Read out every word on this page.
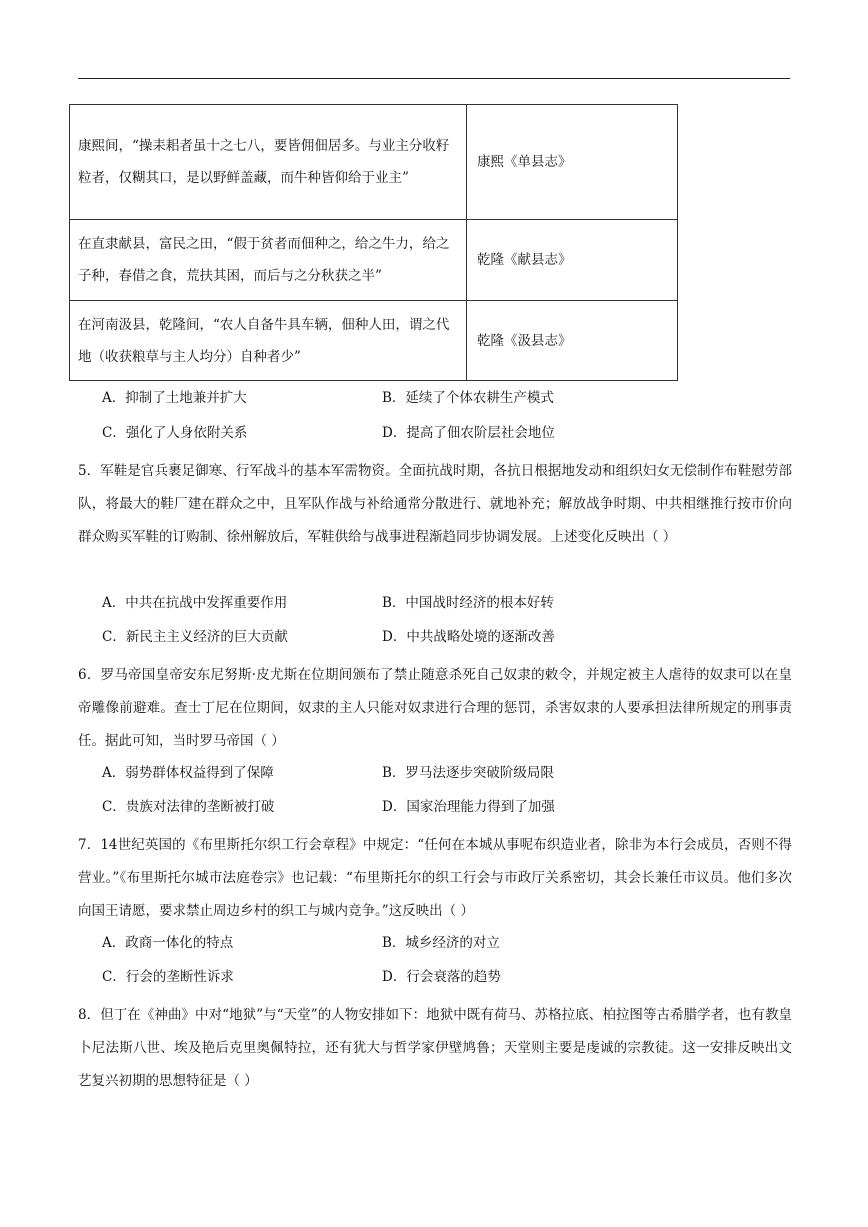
康熙间，“操耒耜者虽十之七八，要皆佣佃居多。与业主分收籽粒者，仅糊其口，是以野鲜盖藏，而牛种皆仰给于业主”	康熙《单县志》
在直隶献县，富民之田，“假于贫者而佃种之，给之牛力，给之子种，春借之食，荒扶其困，而后与之分秋获之半”	乾隆《献县志》
在河南汲县，乾隆间，“农人自备牛具车辆，佃种人田，谓之代地（收获粮草与主人均分）自种者少”	乾隆《汲县志》
A．抑制了土地兼并扩大	B．延续了个体农耕生产模式
C．强化了人身依附关系	D．提高了佃农阶层社会地位
5．军鞋是官兵裹足御寒、行军战斗的基本军需物资。全面抗战时期，各抗日根据地发动和组织妇女无偿制作布鞋慰劳部队，将最大的鞋厂建在群众之中，且军队作战与补给通常分散进行、就地补充；解放战争时期、中共相继推行按市价向群众购买军鞋的订购制、徐州解放后，军鞋供给与战事进程渐趋同步协调发展。上述变化反映出（ ）
A．中共在抗战中发挥重要作用	B．中国战时经济的根本好转
C．新民主主义经济的巨大贡献	D．中共战略处境的逐渐改善
6．罗马帝国皇帝安东尼努斯·皮尤斯在位期间颁布了禁止随意杀死自己奴隶的敕令，并规定被主人虐待的奴隶可以在皇帝雕像前避难。查士丁尼在位期间，奴隶的主人只能对奴隶进行合理的惩罚，杀害奴隶的人要承担法律所规定的刑事责任。据此可知，当时罗马帝国（ ）
A．弱势群体权益得到了保障	B．罗马法逐步突破阶级局限
C．贵族对法律的垄断被打破	D．国家治理能力得到了加强
7．14世纪英国的《布里斯托尔织工行会章程》中规定：“任何在本城从事呢布织造业者，除非为本行会成员，否则不得营业。”《布里斯托尔城市法庭卷宗》也记载：“布里斯托尔的织工行会与市政厅关系密切，其会长兼任市议员。他们多次向国王请愿，要求禁止周边乡村的织工与城内竞争。”这反映出（ ）
A．政商一体化的特点	B．城乡经济的对立
C．行会的垄断性诉求	D．行会衰落的趋势
8．但丁在《神曲》中对“地狱”与“天堂”的人物安排如下：地狱中既有荷马、苏格拉底、柏拉图等古希腊学者，也有教皇卜尼法斯八世、埃及艳后克里奥佩特拉，还有犹大与哲学家伊壁鸠鲁；天堂则主要是虔诚的宗教徒。这一安排反映出文艺复兴初期的思想特征是（ ）
